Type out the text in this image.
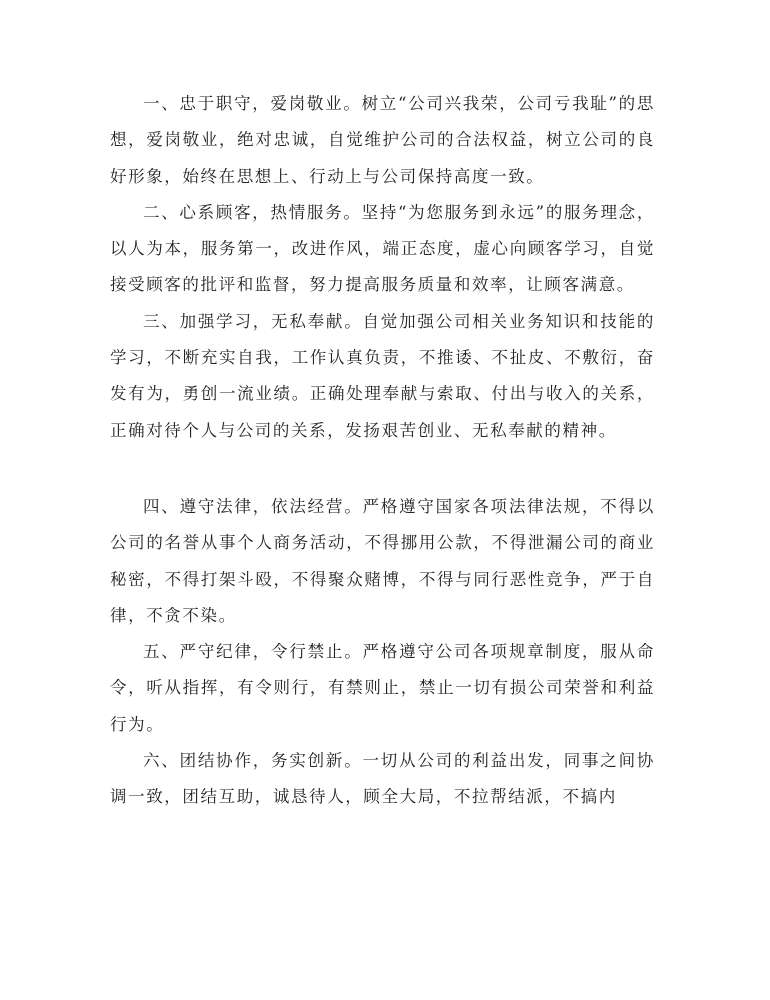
一、忠于职守，爱岗敬业。树立“公司兴我荣，公司亏我耻”的思想，爱岗敬业，绝对忠诚，自觉维护公司的合法权益，树立公司的良好形象，始终在思想上、行动上与公司保持高度一致。

二、心系顾客，热情服务。坚持“为您服务到永远”的服务理念，以人为本，服务第一，改进作风，端正态度，虚心向顾客学习，自觉接受顾客的批评和监督，努力提高服务质量和效率，让顾客满意。

三、加强学习，无私奉献。自觉加强公司相关业务知识和技能的学习，不断充实自我，工作认真负责，不推诿、不扯皮、不敷衍，奋发有为，勇创一流业绩。正确处理奉献与索取、付出与收入的关系，正确对待个人与公司的关系，发扬艰苦创业、无私奉献的精神。

四、遵守法律，依法经营。严格遵守国家各项法律法规，不得以公司的名誉从事个人商务活动，不得挪用公款，不得泄漏公司的商业秘密，不得打架斗殴，不得聚众赌博，不得与同行恶性竞争，严于自律，不贪不染。

五、严守纪律，令行禁止。严格遵守公司各项规章制度，服从命令，听从指挥，有令则行，有禁则止，禁止一切有损公司荣誉和利益行为。

六、团结协作，务实创新。一切从公司的利益出发，同事之间协调一致，团结互助，诚恳待人，顾全大局，不拉帮结派，不搞内
